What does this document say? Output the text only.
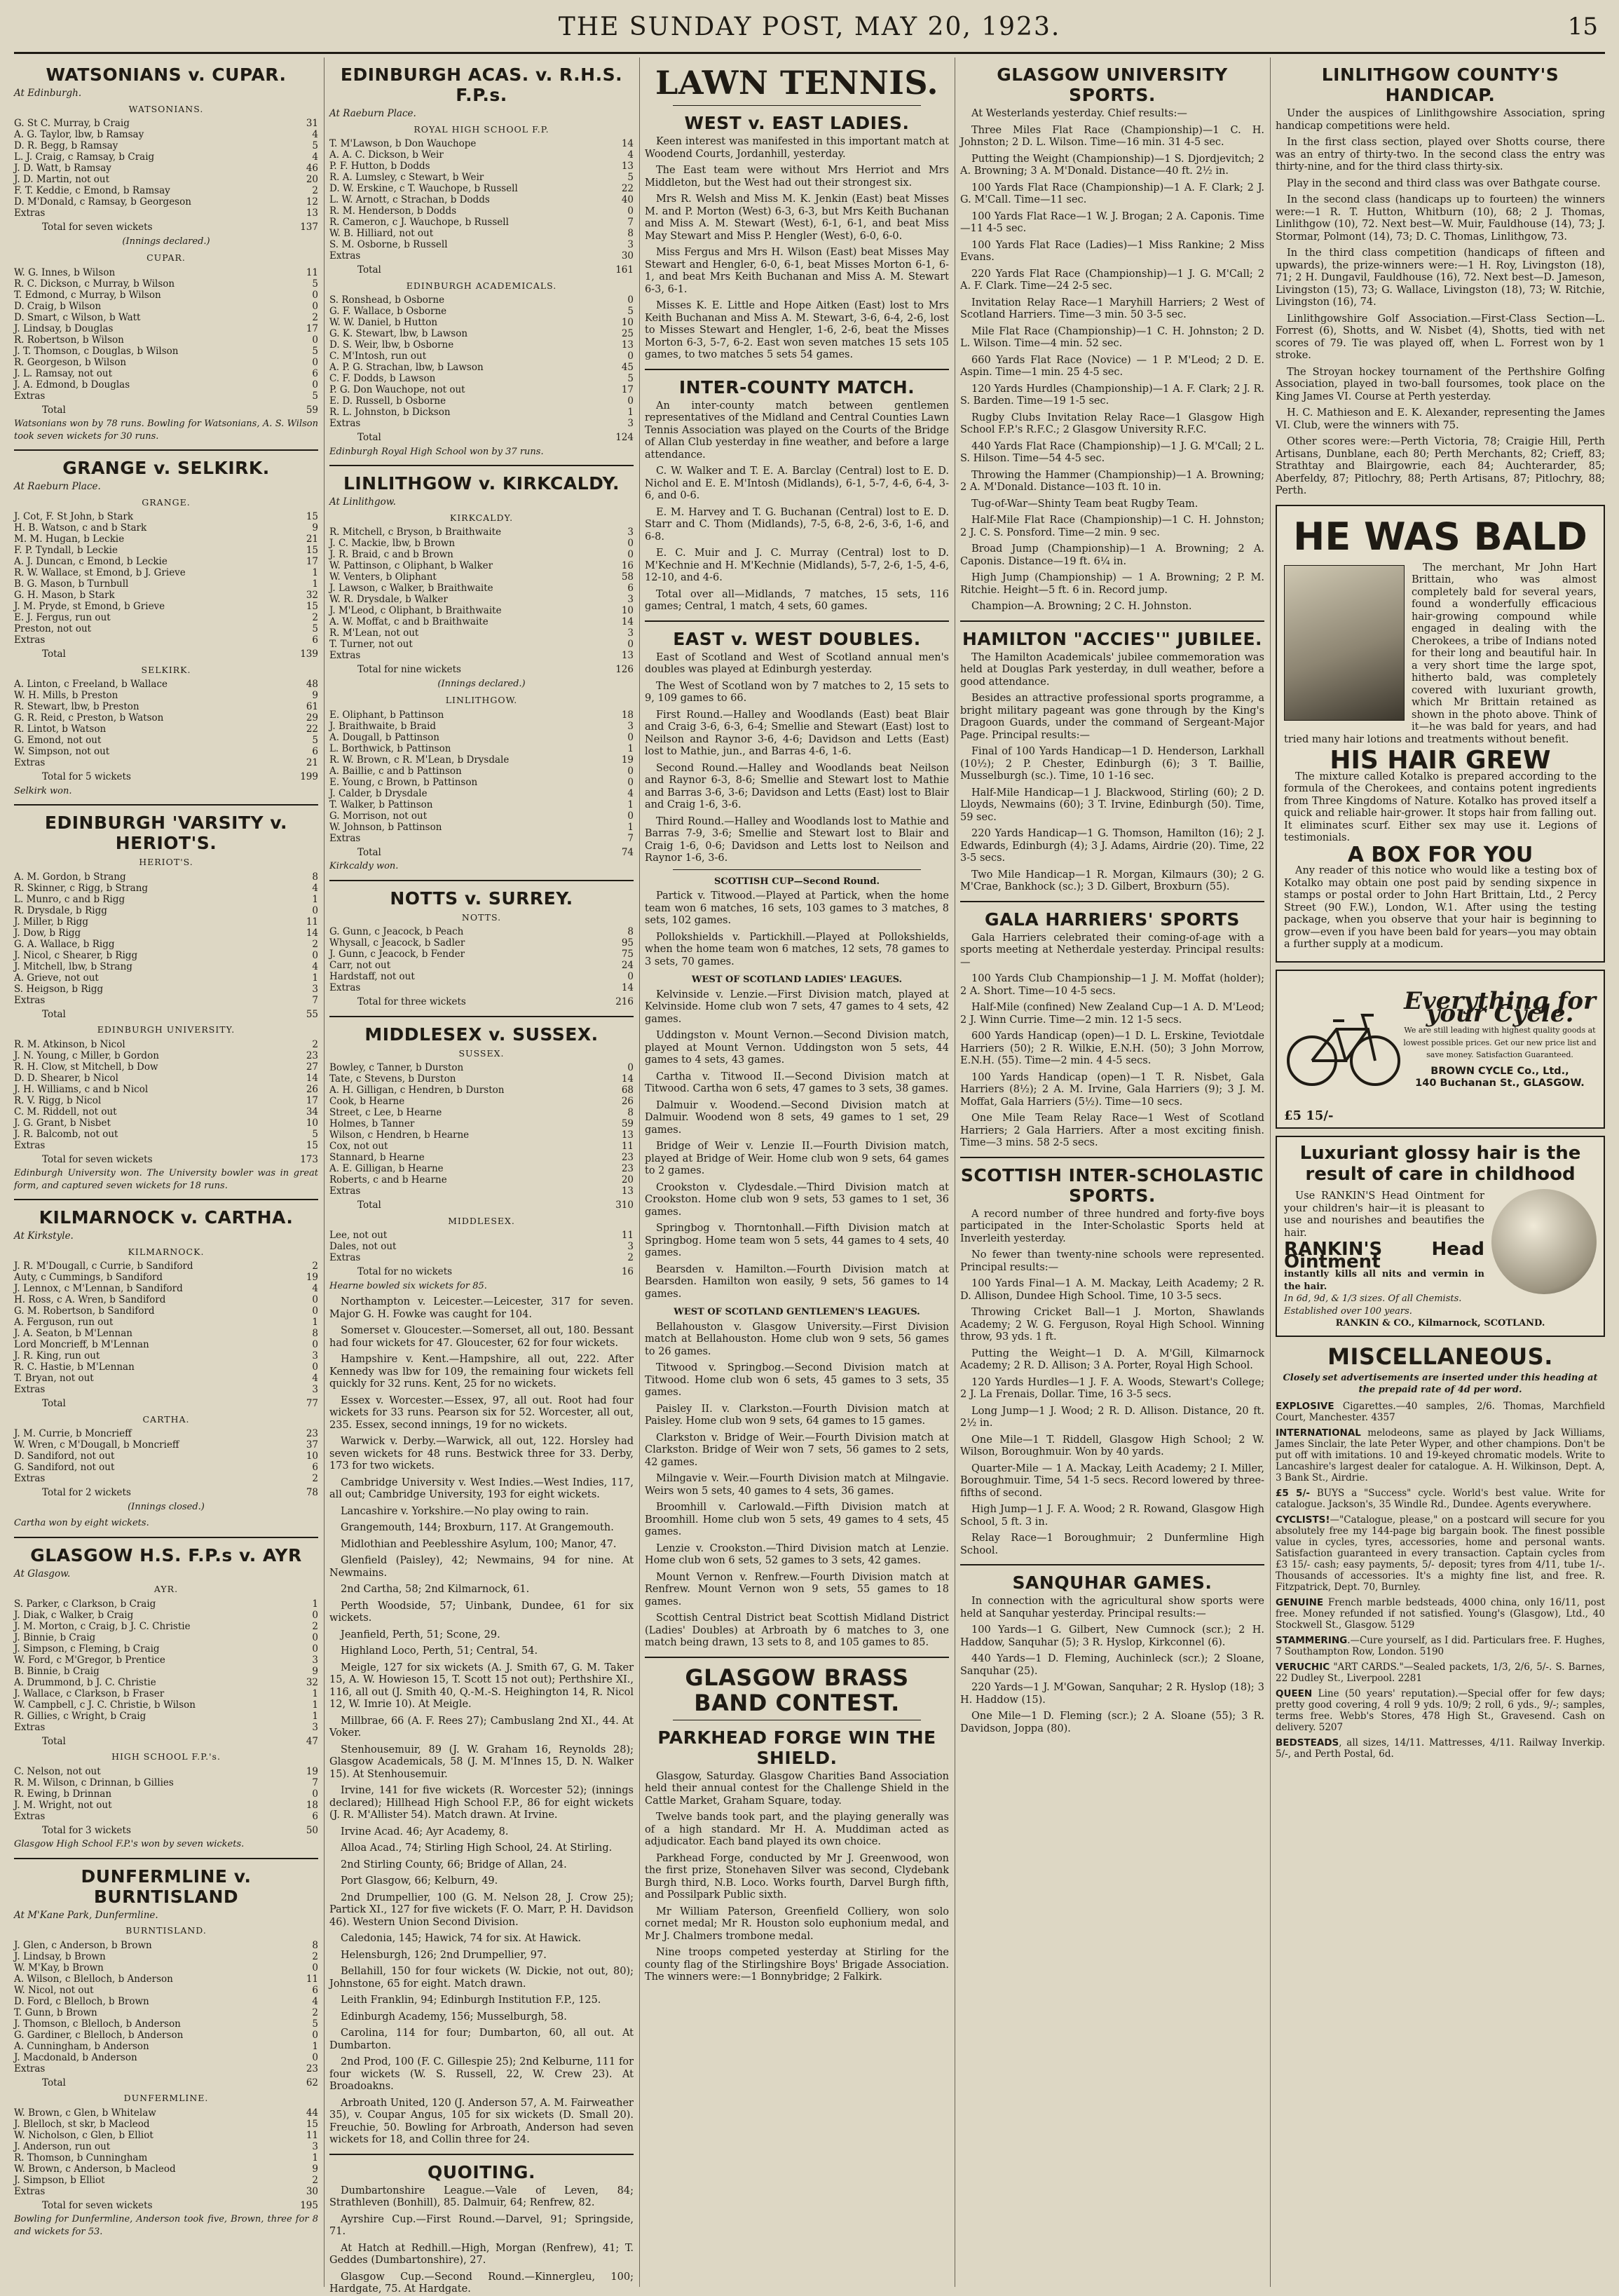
THE SUNDAY POST, MAY 20, 1923.	15
WATSONIANS v. CUPAR.
At Edinburgh.
WATSONIANS.
G. St C. Murray, b Craig	31
A. G. Taylor, lbw, b Ramsay	4
D. R. Begg, b Ramsay	5
L. J. Craig, c Ramsay, b Craig	4
J. D. Watt, b Ramsay	46
J. D. Martin, not out	20
F. T. Keddie, c Emond, b Ramsay	2
D. M'Donald, c Ramsay, b Georgeson	12
Extras	13
Total for seven wickets	137
(Innings declared.)
CUPAR.
W. G. Innes, b Wilson	11
R. C. Dickson, c Murray, b Wilson	5
T. Edmond, c Murray, b Wilson	0
D. Craig, b Wilson	0
D. Smart, c Wilson, b Watt	2
J. Lindsay, b Douglas	17
R. Robertson, b Wilson	0
J. T. Thomson, c Douglas, b Wilson	5
R. Georgeson, b Wilson	0
J. L. Ramsay, not out	6
J. A. Edmond, b Douglas	0
Extras	5
Total	59
Watsonians won by 78 runs. Bowling for Watsonians, A. S. Wilson took seven wickets for 30 runs.
GRANGE v. SELKIRK.
At Raeburn Place.
GRANGE.
J. Cot, F. St John, b Stark	15
H. B. Watson, c and b Stark	9
M. M. Hugan, b Leckie	21
F. P. Tyndall, b Leckie	15
A. J. Duncan, c Emond, b Leckie	17
R. W. Wallace, st Emond, b J. Grieve	1
B. G. Mason, b Turnbull	1
G. H. Mason, b Stark	32
J. M. Pryde, st Emond, b Grieve	15
E. J. Fergus, run out	2
Preston, not out	5
Extras	6
Total	139
SELKIRK.
A. Linton, c Freeland, b Wallace	48
W. H. Mills, b Preston	9
R. Stewart, lbw, b Preston	61
G. R. Reid, c Preston, b Watson	29
R. Lintot, b Watson	22
G. Emond, not out	5
W. Simpson, not out	6
Extras	21
Total for 5 wickets	199
Selkirk won.
EDINBURGH 'VARSITY v. HERIOT'S.
HERIOT'S.
A. M. Gordon, b Strang	8
R. Skinner, c Rigg, b Strang	4
L. Munro, c and b Rigg	1
R. Drysdale, b Rigg	0
J. Miller, b Rigg	11
J. Dow, b Rigg	14
G. A. Wallace, b Rigg	2
J. Nicol, c Shearer, b Rigg	0
J. Mitchell, lbw, b Strang	4
A. Grieve, not out	1
S. Heigson, b Rigg	3
Extras	7
Total	55
EDINBURGH UNIVERSITY.
R. M. Atkinson, b Nicol	2
J. N. Young, c Miller, b Gordon	23
R. H. Clow, st Mitchell, b Dow	27
D. D. Shearer, b Nicol	14
J. H. Williams, c and b Nicol	26
R. V. Rigg, b Nicol	17
C. M. Riddell, not out	34
J. G. Grant, b Nisbet	10
J. R. Balcomb, not out	5
Extras	15
Total for seven wickets	173
Edinburgh University won. The University bowler was in great form, and captured seven wickets for 18 runs.
KILMARNOCK v. CARTHA.
At Kirkstyle.
KILMARNOCK.
J. R. M'Dougall, c Currie, b Sandiford	2
Auty, c Cummings, b Sandiford	19
J. Lennox, c M'Lennan, b Sandiford	4
H. Ross, c A. Wren, b Sandiford	0
G. M. Robertson, b Sandiford	0
A. Ferguson, run out	1
J. A. Seaton, b M'Lennan	8
Lord Moncrieff, b M'Lennan	0
J. R. King, run out	3
R. C. Hastie, b M'Lennan	0
T. Bryan, not out	4
Extras	3
Total	77
CARTHA.
J. M. Currie, b Moncrieff	23
W. Wren, c M'Dougall, b Moncrieff	37
D. Sandiford, not out	10
G. Sandiford, not out	6
Extras	2
Total for 2 wickets	78
(Innings closed.)
Cartha won by eight wickets.
GLASGOW H.S. F.P.s v. AYR
At Glasgow.
AYR.
S. Parker, c Clarkson, b Craig	1
J. Diak, c Walker, b Craig	0
J. M. Morton, c Craig, b J. C. Christie	2
J. Binnie, b Craig	0
J. Simpson, c Fleming, b Craig	0
W. Ford, c M'Gregor, b Prentice	3
B. Binnie, b Craig	9
A. Drummond, b J. C. Christie	32
J. Wallace, c Clarkson, b Fraser	1
W. Campbell, c J. C. Christie, b Wilson	1
R. Gillies, c Wright, b Craig	1
Extras	3
Total	47
HIGH SCHOOL F.P.'s.
C. Nelson, not out	19
R. M. Wilson, c Drinnan, b Gillies	7
R. Ewing, b Drinnan	0
J. M. Wright, not out	18
Extras	6
Total for 3 wickets	50
Glasgow High School F.P.'s won by seven wickets.
DUNFERMLINE v. BURNTISLAND
At M'Kane Park, Dunfermline.
BURNTISLAND.
J. Glen, c Anderson, b Brown	8
J. Lindsay, b Brown	2
W. M'Kay, b Brown	0
A. Wilson, c Blelloch, b Anderson	11
W. Nicol, not out	6
D. Ford, c Blelloch, b Brown	4
T. Gunn, b Brown	2
J. Thomson, c Blelloch, b Anderson	5
G. Gardiner, c Blelloch, b Anderson	0
A. Cunningham, b Anderson	1
J. Macdonald, b Anderson	0
Extras	23
Total	62
DUNFERMLINE.
W. Brown, c Glen, b Whitelaw	44
J. Blelloch, st skr, b Macleod	15
W. Nicholson, c Glen, b Elliot	11
J. Anderson, run out	3
R. Thomson, b Cunningham	1
W. Brown, c Anderson, b Macleod	9
J. Simpson, b Elliot	2
Extras	30
Total for seven wickets	195
Bowling for Dunfermline, Anderson took five, Brown, three for 8 and wickets for 53.
EDINBURGH ACAS. v. R.H.S. F.P.s.
At Raeburn Place.
ROYAL HIGH SCHOOL F.P.
T. M'Lawson, b Don Wauchope	14
A. A. C. Dickson, b Weir	4
P. F. Hutton, b Dodds	13
R. A. Lumsley, c Stewart, b Weir	5
D. W. Erskine, c T. Wauchope, b Russell	22
L. W. Arnott, c Strachan, b Dodds	40
R. M. Henderson, b Dodds	0
R. Cameron, c J. Wauchope, b Russell	7
W. B. Hilliard, not out	8
S. M. Osborne, b Russell	3
Extras	30
Total	161
EDINBURGH ACADEMICALS.
S. Ronshead, b Osborne	0
G. F. Wallace, b Osborne	5
W. W. Daniel, b Hutton	10
G. K. Stewart, lbw, b Lawson	25
D. S. Weir, lbw, b Osborne	13
C. M'Intosh, run out	0
A. P. G. Strachan, lbw, b Lawson	45
C. F. Dodds, b Lawson	5
P. G. Don Wauchope, not out	17
E. D. Russell, b Osborne	0
R. L. Johnston, b Dickson	1
Extras	3
Total	124
Edinburgh Royal High School won by 37 runs.
LINLITHGOW v. KIRKCALDY.
At Linlithgow.
KIRKCALDY.
R. Mitchell, c Bryson, b Braithwaite	3
J. C. Mackie, lbw, b Brown	0
J. R. Braid, c and b Brown	0
W. Pattinson, c Oliphant, b Walker	16
W. Venters, b Oliphant	58
J. Lawson, c Walker, b Braithwaite	6
W. R. Drysdale, b Walker	3
J. M'Leod, c Oliphant, b Braithwaite	10
A. W. Moffat, c and b Braithwaite	14
R. M'Lean, not out	3
T. Turner, not out	0
Extras	13
Total for nine wickets	126
(Innings declared.)
LINLITHGOW.
E. Oliphant, b Pattinson	18
J. Braithwaite, b Braid	3
A. Dougall, b Pattinson	0
L. Borthwick, b Pattinson	1
R. W. Brown, c R. M'Lean, b Drysdale	19
A. Baillie, c and b Pattinson	0
E. Young, c Brown, b Pattinson	0
J. Calder, b Drysdale	4
T. Walker, b Pattinson	1
G. Morrison, not out	0
W. Johnson, b Pattinson	1
Extras	7
Total	74
Kirkcaldy won.
NOTTS v. SURREY.
NOTTS.
G. Gunn, c Jeacock, b Peach	8
Whysall, c Jeacock, b Sadler	95
J. Gunn, c Jeacock, b Fender	75
Carr, not out	24
Hardstaff, not out	0
Extras	14
Total for three wickets	216
MIDDLESEX v. SUSSEX.
SUSSEX.
Bowley, c Tanner, b Durston	0
Tate, c Stevens, b Durston	14
A. H. Gilligan, c Hendren, b Durston	68
Cook, b Hearne	26
Street, c Lee, b Hearne	8
Holmes, b Tanner	59
Wilson, c Hendren, b Hearne	13
Cox, not out	11
Stannard, b Hearne	23
A. E. Gilligan, b Hearne	23
Roberts, c and b Hearne	20
Extras	13
Total	310
MIDDLESEX.
Lee, not out	11
Dales, not out	3
Extras	2
Total for no wickets	16
Hearne bowled six wickets for 85.

Northampton v. Leicester.—Leicester, 317 for seven. Major G. H. Fowke was caught for 104.

Somerset v. Gloucester.—Somerset, all out, 180. Bessant had four wickets for 47. Gloucester, 62 for four wickets.

Hampshire v. Kent.—Hampshire, all out, 222. After Kennedy was lbw for 109, the remaining four wickets fell quickly for 32 runs. Kent, 25 for no wickets.

Essex v. Worcester.—Essex, 97, all out. Root had four wickets for 33 runs. Pearson six for 52. Worcester, all out, 235. Essex, second innings, 19 for no wickets.

Warwick v. Derby.—Warwick, all out, 122. Horsley had seven wickets for 48 runs. Bestwick three for 33. Derby, 173 for two wickets.

Cambridge University v. West Indies.—West Indies, 117, all out; Cambridge University, 193 for eight wickets.

Lancashire v. Yorkshire.—No play owing to rain.

Grangemouth, 144; Broxburn, 117. At Grangemouth.

Midlothian and Peeblesshire Asylum, 100; Manor, 47.

Glenfield (Paisley), 42; Newmains, 94 for nine. At Newmains.

2nd Cartha, 58; 2nd Kilmarnock, 61.

Perth Woodside, 57; Uinbank, Dundee, 61 for six wickets.

Jeanfield, Perth, 51; Scone, 29.

Highland Loco, Perth, 51; Central, 54.

Meigle, 127 for six wickets (A. J. Smith 67, G. M. Taker 15, A. W. Howieson 15, T. Scott 15 not out); Perthshire XI., 116, all out (J. Smith 40, Q.-M.-S. Heighington 14, R. Nicol 12, W. Imrie 10). At Meigle.

Millbrae, 66 (A. F. Rees 27); Cambuslang 2nd XI., 44. At Voker.

Stenhousemuir, 89 (J. W. Graham 16, Reynolds 28); Glasgow Academicals, 58 (J. M. M'Innes 15, D. N. Walker 15). At Stenhousemuir.

Irvine, 141 for five wickets (R. Worcester 52); (innings declared); Hillhead High School F.P., 86 for eight wickets (J. R. M'Allister 54). Match drawn. At Irvine.

Irvine Acad. 46; Ayr Academy, 8.

Alloa Acad., 74; Stirling High School, 24. At Stirling.

2nd Stirling County, 66; Bridge of Allan, 24.

Port Glasgow, 66; Kelburn, 49.

2nd Drumpellier, 100 (G. M. Nelson 28, J. Crow 25); Partick XI., 127 for five wickets (F. O. Marr, P. H. Davidson 46). Western Union Second Division.

Caledonia, 145; Hawick, 74 for six. At Hawick.

Helensburgh, 126; 2nd Drumpellier, 97.

Bellahill, 150 for four wickets (W. Dickie, not out, 80); Johnstone, 65 for eight. Match drawn.

Leith Franklin, 94; Edinburgh Institution F.P., 125.

Edinburgh Academy, 156; Musselburgh, 58.

Carolina, 114 for four; Dumbarton, 60, all out. At Dumbarton.

2nd Prod, 100 (F. C. Gillespie 25); 2nd Kelburne, 111 for four wickets (W. S. Russell, 22, W. Crew 23). At Broadoakns.

Arbroath United, 120 (J. Anderson 57, A. M. Fairweather 35), v. Coupar Angus, 105 for six wickets (D. Small 20). Freuchie, 50. Bowling for Arbroath, Anderson had seven wickets for 18, and Collin three for 24.

QUOITING.

Dumbartonshire League.—Vale of Leven, 84; Strathleven (Bonhill), 85. Dalmuir, 64; Renfrew, 82.

Ayrshire Cup.—First Round.—Darvel, 91; Springside, 71.

At Hatch at Redhill.—High, Morgan (Renfrew), 41; T. Geddes (Dumbartonshire), 27.

Glasgow Cup.—Second Round.—Kinnergleu, 100; Hardgate, 75. At Hardgate.

LAWN TENNIS.
WEST v. EAST LADIES.

Keen interest was manifested in this important match at Woodend Courts, Jordanhill, yesterday.

The East team were without Mrs Herriot and Mrs Middleton, but the West had out their strongest six.

Mrs R. Welsh and Miss M. K. Jenkin (East) beat Misses M. and P. Morton (West) 6-3, 6-3, but Mrs Keith Buchanan and Miss A. M. Stewart (West), 6-1, 6-1, and beat Miss May Stewart and Miss P. Hengler (West), 6-0, 6-0.

Miss Fergus and Mrs H. Wilson (East) beat Misses May Stewart and Hengler, 6-0, 6-1, beat Misses Morton 6-1, 6-1, and beat Mrs Keith Buchanan and Miss A. M. Stewart 6-3, 6-1.

Misses K. E. Little and Hope Aitken (East) lost to Mrs Keith Buchanan and Miss A. M. Stewart, 3-6, 6-4, 2-6, lost to Misses Stewart and Hengler, 1-6, 2-6, beat the Misses Morton 6-3, 5-7, 6-2. East won seven matches 15 sets 105 games, to two matches 5 sets 54 games.

INTER-COUNTY MATCH.

An inter-county match between gentlemen representatives of the Midland and Central Counties Lawn Tennis Association was played on the Courts of the Bridge of Allan Club yesterday in fine weather, and before a large attendance.

C. W. Walker and T. E. A. Barclay (Central) lost to E. D. Nichol and E. E. M'Intosh (Midlands), 6-1, 5-7, 4-6, 6-4, 3-6, and 0-6.

E. M. Harvey and T. G. Buchanan (Central) lost to E. D. Starr and C. Thom (Midlands), 7-5, 6-8, 2-6, 3-6, 1-6, and 6-8.

E. C. Muir and J. C. Murray (Central) lost to D. M'Kechnie and H. M'Kechnie (Midlands), 5-7, 2-6, 1-5, 4-6, 12-10, and 4-6.

Total over all—Midlands, 7 matches, 15 sets, 116 games; Central, 1 match, 4 sets, 60 games.

EAST v. WEST DOUBLES.

East of Scotland and West of Scotland annual men's doubles was played at Edinburgh yesterday.

The West of Scotland won by 7 matches to 2, 15 sets to 9, 109 games to 66.

First Round.—Halley and Woodlands (East) beat Blair and Craig 3-6, 6-3, 6-4; Smellie and Stewart (East) lost to Neilson and Raynor 3-6, 4-6; Davidson and Letts (East) lost to Mathie, jun., and Barras 4-6, 1-6.

Second Round.—Halley and Woodlands beat Neilson and Raynor 6-3, 8-6; Smellie and Stewart lost to Mathie and Barras 3-6, 3-6; Davidson and Letts (East) lost to Blair and Craig 1-6, 3-6.

Third Round.—Halley and Woodlands lost to Mathie and Barras 7-9, 3-6; Smellie and Stewart lost to Blair and Craig 1-6, 0-6; Davidson and Letts lost to Neilson and Raynor 1-6, 3-6.

SCOTTISH CUP—Second Round.

Partick v. Titwood.—Played at Partick, when the home team won 6 matches, 16 sets, 103 games to 3 matches, 8 sets, 102 games.

Pollokshields v. Partickhill.—Played at Pollokshields, when the home team won 6 matches, 12 sets, 78 games to 3 sets, 70 games.

WEST OF SCOTLAND LADIES' LEAGUES.

Kelvinside v. Lenzie.—First Division match, played at Kelvinside. Home club won 7 sets, 47 games to 4 sets, 42 games.

Uddingston v. Mount Vernon.—Second Division match, played at Mount Vernon. Uddingston won 5 sets, 44 games to 4 sets, 43 games.

Cartha v. Titwood II.—Second Division match at Titwood. Cartha won 6 sets, 47 games to 3 sets, 38 games.

Dalmuir v. Woodend.—Second Division match at Dalmuir. Woodend won 8 sets, 49 games to 1 set, 29 games.

Bridge of Weir v. Lenzie II.—Fourth Division match, played at Bridge of Weir. Home club won 9 sets, 64 games to 2 games.

Crookston v. Clydesdale.—Third Division match at Crookston. Home club won 9 sets, 53 games to 1 set, 36 games.

Springbog v. Thorntonhall.—Fifth Division match at Springbog. Home team won 5 sets, 44 games to 4 sets, 40 games.

Bearsden v. Hamilton.—Fourth Division match at Bearsden. Hamilton won easily, 9 sets, 56 games to 14 games.

WEST OF SCOTLAND GENTLEMEN'S LEAGUES.

Bellahouston v. Glasgow University.—First Division match at Bellahouston. Home club won 9 sets, 56 games to 26 games.

Titwood v. Springbog.—Second Division match at Titwood. Home club won 6 sets, 45 games to 3 sets, 35 games.

Paisley II. v. Clarkston.—Fourth Division match at Paisley. Home club won 9 sets, 64 games to 15 games.

Clarkston v. Bridge of Weir.—Fourth Division match at Clarkston. Bridge of Weir won 7 sets, 56 games to 2 sets, 42 games.

Milngavie v. Weir.—Fourth Division match at Milngavie. Weirs won 5 sets, 40 games to 4 sets, 36 games.

Broomhill v. Carlowald.—Fifth Division match at Broomhill. Home club won 5 sets, 49 games to 4 sets, 45 games.

Lenzie v. Crookston.—Third Division match at Lenzie. Home club won 6 sets, 52 games to 3 sets, 42 games.

Mount Vernon v. Renfrew.—Fourth Division match at Renfrew. Mount Vernon won 9 sets, 55 games to 18 games.

Scottish Central District beat Scottish Midland District (Ladies' Doubles) at Arbroath by 6 matches to 3, one match being drawn, 13 sets to 8, and 105 games to 85.

GLASGOW BRASS BAND CONTEST.
PARKHEAD FORGE WIN THE SHIELD.

Glasgow, Saturday. Glasgow Charities Band Association held their annual contest for the Challenge Shield in the Cattle Market, Graham Square, today.

Twelve bands took part, and the playing generally was of a high standard. Mr H. A. Muddiman acted as adjudicator. Each band played its own choice.

Parkhead Forge, conducted by Mr J. Greenwood, won the first prize, Stonehaven Silver was second, Clydebank Burgh third, N.B. Loco. Works fourth, Darvel Burgh fifth, and Possilpark Public sixth.

Mr William Paterson, Greenfield Colliery, won solo cornet medal; Mr R. Houston solo euphonium medal, and Mr J. Chalmers trombone medal.

Nine troops competed yesterday at Stirling for the county flag of the Stirlingshire Boys' Brigade Association. The winners were:—1 Bonnybridge; 2 Falkirk.

GLASGOW UNIVERSITY SPORTS.

At Westerlands yesterday. Chief results:—

Three Miles Flat Race (Championship)—1 C. H. Johnston; 2 D. L. Wilson. Time—16 min. 31 4-5 sec.

Putting the Weight (Championship)—1 S. Djordjevitch; 2 A. Browning; 3 A. M'Donald. Distance—40 ft. 2½ in.

100 Yards Flat Race (Championship)—1 A. F. Clark; 2 J. G. M'Call. Time—11 sec.

100 Yards Flat Race—1 W. J. Brogan; 2 A. Caponis. Time—11 4-5 sec.

100 Yards Flat Race (Ladies)—1 Miss Rankine; 2 Miss Evans.

220 Yards Flat Race (Championship)—1 J. G. M'Call; 2 A. F. Clark. Time—24 2-5 sec.

Invitation Relay Race—1 Maryhill Harriers; 2 West of Scotland Harriers. Time—3 min. 50 3-5 sec.

Mile Flat Race (Championship)—1 C. H. Johnston; 2 D. L. Wilson. Time—4 min. 52 sec.

660 Yards Flat Race (Novice) — 1 P. M'Leod; 2 D. E. Aspin. Time—1 min. 25 4-5 sec.

120 Yards Hurdles (Championship)—1 A. F. Clark; 2 J. R. S. Barden. Time—19 1-5 sec.

Rugby Clubs Invitation Relay Race—1 Glasgow High School F.P.'s R.F.C.; 2 Glasgow University R.F.C.

440 Yards Flat Race (Championship)—1 J. G. M'Call; 2 L. S. Hilson. Time—54 4-5 sec.

Throwing the Hammer (Championship)—1 A. Browning; 2 A. M'Donald. Distance—103 ft. 10 in.

Tug-of-War—Shinty Team beat Rugby Team.

Half-Mile Flat Race (Championship)—1 C. H. Johnston; 2 J. C. S. Ponsford. Time—2 min. 9 sec.

Broad Jump (Championship)—1 A. Browning; 2 A. Caponis. Distance—19 ft. 6¼ in.

High Jump (Championship) — 1 A. Browning; 2 P. M. Ritchie. Height—5 ft. 6 in. Record jump.

Champion—A. Browning; 2 C. H. Johnston.

HAMILTON "ACCIES'" JUBILEE.

The Hamilton Academicals' jubilee commemoration was held at Douglas Park yesterday, in dull weather, before a good attendance.

Besides an attractive professional sports programme, a bright military pageant was gone through by the King's Dragoon Guards, under the command of Sergeant-Major Page. Principal results:—

Final of 100 Yards Handicap—1 D. Henderson, Larkhall (10½); 2 P. Chester, Edinburgh (6); 3 T. Baillie, Musselburgh (sc.). Time, 10 1-16 sec.

Half-Mile Handicap—1 J. Blackwood, Stirling (60); 2 D. Lloyds, Newmains (60); 3 T. Irvine, Edinburgh (50). Time, 59 sec.

220 Yards Handicap—1 G. Thomson, Hamilton (16); 2 J. Edwards, Edinburgh (4); 3 J. Adams, Airdrie (20). Time, 22 3-5 secs.

Two Mile Handicap—1 R. Morgan, Kilmaurs (30); 2 G. M'Crae, Bankhock (sc.); 3 D. Gilbert, Broxburn (55).

GALA HARRIERS' SPORTS

Gala Harriers celebrated their coming-of-age with a sports meeting at Netherdale yesterday. Principal results:—

100 Yards Club Championship—1 J. M. Moffat (holder); 2 A. Short. Time—10 4-5 secs.

Half-Mile (confined) New Zealand Cup—1 A. D. M'Leod; 2 J. Winn Currie. Time—2 min. 12 1-5 secs.

600 Yards Handicap (open)—1 D. L. Erskine, Teviotdale Harriers (50); 2 R. Wilkie, E.N.H. (50); 3 John Morrow, E.N.H. (55). Time—2 min. 4 4-5 secs.

100 Yards Handicap (open)—1 T. R. Nisbet, Gala Harriers (8½); 2 A. M. Irvine, Gala Harriers (9); 3 J. M. Moffat, Gala Harriers (5½). Time—10 secs.

One Mile Team Relay Race—1 West of Scotland Harriers; 2 Gala Harriers. After a most exciting finish. Time—3 mins. 58 2-5 secs.

SCOTTISH INTER-SCHOLASTIC SPORTS.

A record number of three hundred and forty-five boys participated in the Inter-Scholastic Sports held at Inverleith yesterday.

No fewer than twenty-nine schools were represented. Principal results:—

100 Yards Final—1 A. M. Mackay, Leith Academy; 2 R. D. Allison, Dundee High School. Time, 10 3-5 secs.

Throwing Cricket Ball—1 J. Morton, Shawlands Academy; 2 W. G. Ferguson, Royal High School. Winning throw, 93 yds. 1 ft.

Putting the Weight—1 D. A. M'Gill, Kilmarnock Academy; 2 R. D. Allison; 3 A. Porter, Royal High School.

120 Yards Hurdles—1 J. F. A. Woods, Stewart's College; 2 J. La Frenais, Dollar. Time, 16 3-5 secs.

Long Jump—1 J. Wood; 2 R. D. Allison. Distance, 20 ft. 2½ in.

One Mile—1 T. Riddell, Glasgow High School; 2 W. Wilson, Boroughmuir. Won by 40 yards.

Quarter-Mile — 1 A. Mackay, Leith Academy; 2 I. Miller, Boroughmuir. Time, 54 1-5 secs. Record lowered by three-fifths of second.

High Jump—1 J. F. A. Wood; 2 R. Rowand, Glasgow High School, 5 ft. 3 in.

Relay Race—1 Boroughmuir; 2 Dunfermline High School.

SANQUHAR GAMES.

In connection with the agricultural show sports were held at Sanquhar yesterday. Principal results:—

100 Yards—1 G. Gilbert, New Cumnock (scr.); 2 H. Haddow, Sanquhar (5); 3 R. Hyslop, Kirkconnel (6).

440 Yards—1 D. Fleming, Auchinleck (scr.); 2 Sloane, Sanquhar (25).

220 Yards—1 J. M'Gowan, Sanquhar; 2 R. Hyslop (18); 3 H. Haddow (15).

One Mile—1 D. Fleming (scr.); 2 A. Sloane (55); 3 R. Davidson, Joppa (80).

LINLITHGOW COUNTY'S HANDICAP.

Under the auspices of Linlithgowshire Association, spring handicap competitions were held.

In the first class section, played over Shotts course, there was an entry of thirty-two. In the second class the entry was thirty-nine, and for the third class thirty-six.

Play in the second and third class was over Bathgate course.

In the second class (handicaps up to fourteen) the winners were:—1 R. T. Hutton, Whitburn (10), 68; 2 J. Thomas, Linlithgow (10), 72. Next best—W. Muir, Fauldhouse (14), 73; J. Stormar, Polmont (14), 73; D. C. Thomas, Linlithgow, 73.

In the third class competition (handicaps of fifteen and upwards), the prize-winners were:—1 H. Roy, Livingston (18), 71; 2 H. Dungavil, Fauldhouse (16), 72. Next best—D. Jameson, Livingston (15), 73; G. Wallace, Livingston (18), 73; W. Ritchie, Livingston (16), 74.

Linlithgowshire Golf Association.—First-Class Section—L. Forrest (6), Shotts, and W. Nisbet (4), Shotts, tied with net scores of 79. Tie was played off, when L. Forrest won by 1 stroke.

The Stroyan hockey tournament of the Perthshire Golfing Association, played in two-ball foursomes, took place on the King James VI. Course at Perth yesterday.

H. C. Mathieson and E. K. Alexander, representing the James VI. Club, were the winners with 75.

Other scores were:—Perth Victoria, 78; Craigie Hill, Perth Artisans, Dunblane, each 80; Perth Merchants, 82; Crieff, 83; Strathtay and Blairgowrie, each 84; Auchterarder, 85; Aberfeldy, 87; Pitlochry, 88; Perth Artisans, 87; Pitlochry, 88; Perth.

HE WAS BALD

The merchant, Mr John Hart Brittain, who was almost completely bald for several years, found a wonderfully efficacious hair-growing compound while engaged in dealing with the Cherokees, a tribe of Indians noted for their long and beautiful hair. In a very short time the large spot, hitherto bald, was completely covered with luxuriant growth, which Mr Brittain retained as shown in the photo above. Think of it—he was bald for years, and had tried many hair lotions and treatments without benefit.

HIS HAIR GREW

The mixture called Kotalko is prepared according to the formula of the Cherokees, and contains potent ingredients from Three Kingdoms of Nature. Kotalko has proved itself a quick and reliable hair-grower. It stops hair from falling out. It eliminates scurf. Either sex may use it. Legions of testimonials.

A BOX FOR YOU

Any reader of this notice who would like a testing box of Kotalko may obtain one post paid by sending sixpence in stamps or postal order to John Hart Brittain, Ltd., 2 Percy Street (90 F.W.), London, W.1. After using the testing package, when you observe that your hair is beginning to grow—even if you have been bald for years—you may obtain a further supply at a modicum.

Everything for your Cycle.
We are still leading with highest quality goods at lowest possible prices. Get our new price list and save money. Satisfaction Guaranteed.
BROWN CYCLE Co., Ltd.,
140 Buchanan St., GLASGOW.
£5 15/-
Luxuriant glossy hair is the result of care in childhood

Use RANKIN'S Head Ointment for your children's hair—it is pleasant to use and nourishes and beautifies the hair.

RANKIN'S Head Ointment
instantly kills all nits and vermin in the hair.
In 6d, 9d, & 1/3 sizes. Of all Chemists.
Established over 100 years.
RANKIN & CO., Kilmarnock, SCOTLAND.
MISCELLANEOUS.
Closely set advertisements are inserted under this heading at the prepaid rate of 4d per word.
EXPLOSIVE Cigarettes.—40 samples, 2/6. Thomas, Marchfield Court, Manchester. 4357
INTERNATIONAL melodeons, same as played by Jack Williams, James Sinclair, the late Peter Wyper, and other champions. Don't be put off with imitations. 10 and 19-keyed chromatic models. Write to Lancashire's largest dealer for catalogue. A. H. Wilkinson, Dept. A, 3 Bank St., Airdrie.
£5 5/- BUYS a "Success" cycle. World's best value. Write for catalogue. Jackson's, 35 Windle Rd., Dundee. Agents everywhere.
CYCLISTS!—"Catalogue, please," on a postcard will secure for you absolutely free my 144-page big bargain book. The finest possible value in cycles, tyres, accessories, home and personal wants. Satisfaction guaranteed in every transaction. Captain cycles from £3 15/- cash; easy payments, 5/- deposit; tyres from 4/11, tube 1/-. Thousands of accessories. It's a mighty fine list, and free. R. Fitzpatrick, Dept. 70, Burnley.
GENUINE French marble bedsteads, 4000 china, only 16/11, post free. Money refunded if not satisfied. Young's (Glasgow), Ltd., 40 Stockwell St., Glasgow. 5129
STAMMERING.—Cure yourself, as I did. Particulars free. F. Hughes, 7 Southampton Row, London. 5190
VERUCHIC "ART CARDS."—Sealed packets, 1/3, 2/6, 5/-. S. Barnes, 22 Dudley St., Liverpool. 2281
QUEEN Line (50 years' reputation).—Special offer for few days; pretty good covering, 4 roll 9 yds. 10/9; 2 roll, 6 yds., 9/-; samples, terms free. Webb's Stores, 478 High St., Gravesend. Cash on delivery. 5207
BEDSTEADS, all sizes, 14/11. Mattresses, 4/11. Railway Inverkip. 5/-, and Perth Postal, 6d.
